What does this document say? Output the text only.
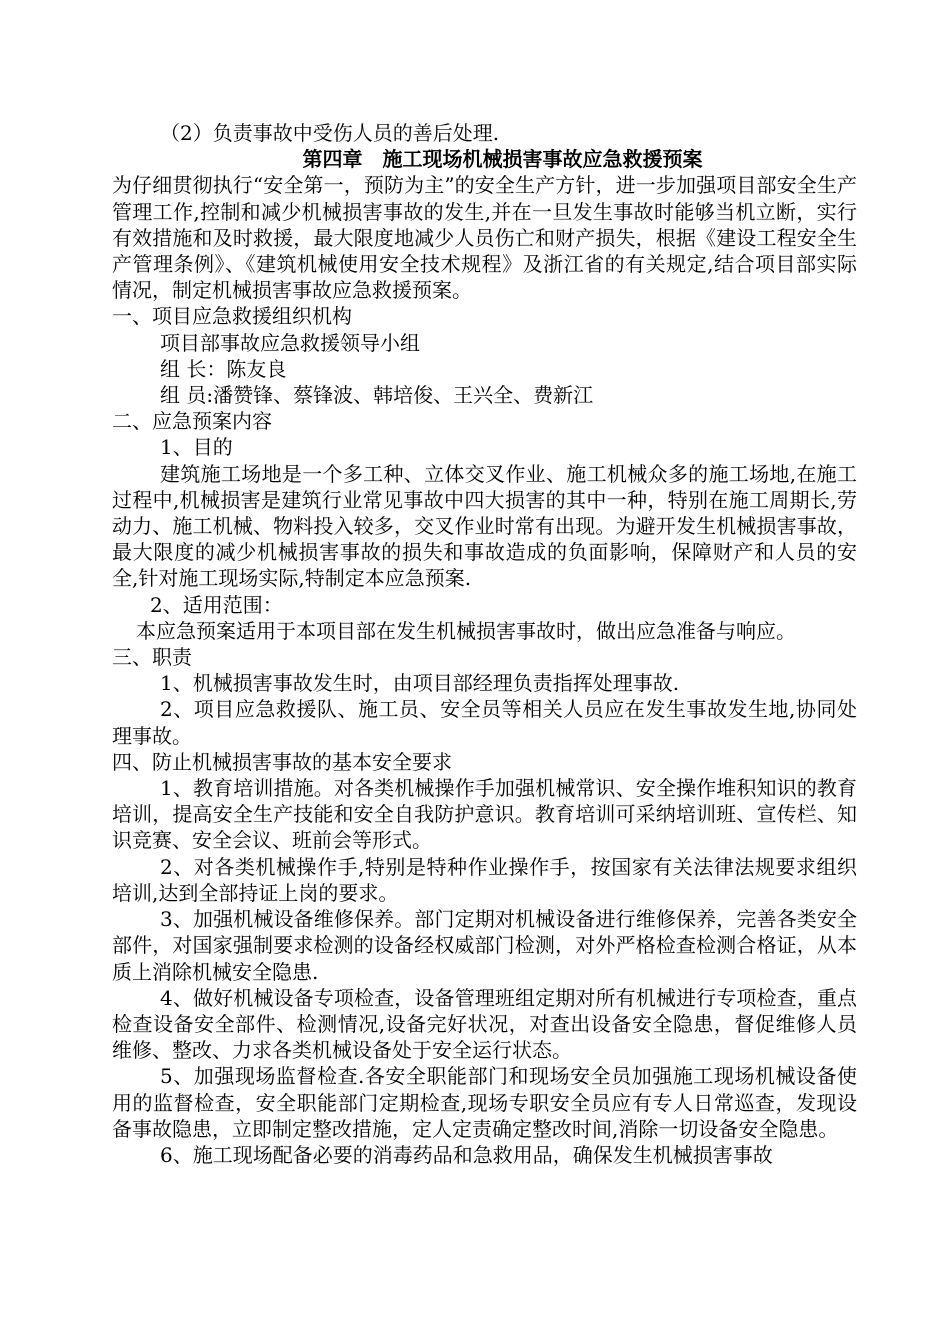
（2）负责事故中受伤人员的善后处理.

第四章　施工现场机械损害事故应急救援预案

为仔细贯彻执行“安全第一，预防为主”的安全生产方针，进一步加强项目部安全生产管理工作,控制和减少机械损害事故的发生,并在一旦发生事故时能够当机立断，实行有效措施和及时救援，最大限度地减少人员伤亡和财产损失，根据《建设工程安全生产管理条例》、《建筑机械使用安全技术规程》及浙江省的有关规定,结合项目部实际情况，制定机械损害事故应急救援预案。

一、项目应急救援组织机构

项目部事故应急救援领导小组

组 长：陈友良

组 员:潘赞锋、蔡锋波、韩培俊、王兴全、费新江

二、应急预案内容

1、目的

建筑施工场地是一个多工种、立体交叉作业、施工机械众多的施工场地,在施工过程中,机械损害是建筑行业常见事故中四大损害的其中一种，特别在施工周期长,劳动力、施工机械、物料投入较多，交叉作业时常有出现。为避开发生机械损害事故，最大限度的减少机械损害事故的损失和事故造成的负面影响，保障财产和人员的安全,针对施工现场实际,特制定本应急预案.

2、适用范围：

本应急预案适用于本项目部在发生机械损害事故时，做出应急准备与响应。

三、职责

1、机械损害事故发生时，由项目部经理负责指挥处理事故.

2、项目应急救援队、施工员、安全员等相关人员应在发生事故发生地,协同处理事故。

四、防止机械损害事故的基本安全要求

1、教育培训措施。对各类机械操作手加强机械常识、安全操作堆积知识的教育培训，提高安全生产技能和安全自我防护意识。教育培训可采纳培训班、宣传栏、知识竞赛、安全会议、班前会等形式。

2、对各类机械操作手,特别是特种作业操作手，按国家有关法律法规要求组织培训,达到全部持证上岗的要求。

3、加强机械设备维修保养。部门定期对机械设备进行维修保养，完善各类安全部件，对国家强制要求检测的设备经权威部门检测，对外严格检查检测合格证，从本质上消除机械安全隐患.

4、做好机械设备专项检查，设备管理班组定期对所有机械进行专项检查，重点检查设备安全部件、检测情况,设备完好状况，对查出设备安全隐患，督促维修人员维修、整改、力求各类机械设备处于安全运行状态。

5、加强现场监督检查.各安全职能部门和现场安全员加强施工现场机械设备使用的监督检查，安全职能部门定期检查,现场专职安全员应有专人日常巡查，发现设备事故隐患，立即制定整改措施，定人定责确定整改时间,消除一切设备安全隐患。

6、施工现场配备必要的消毒药品和急救用品，确保发生机械损害事故
